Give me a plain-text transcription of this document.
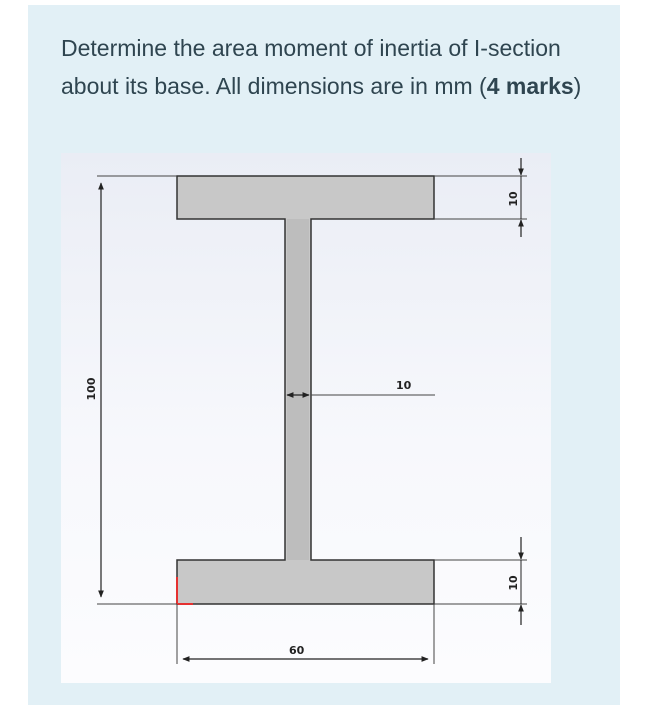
Determine the area moment of inertia of I-section about its base. All dimensions are in mm (4 marks)

100
10
10
10
60
